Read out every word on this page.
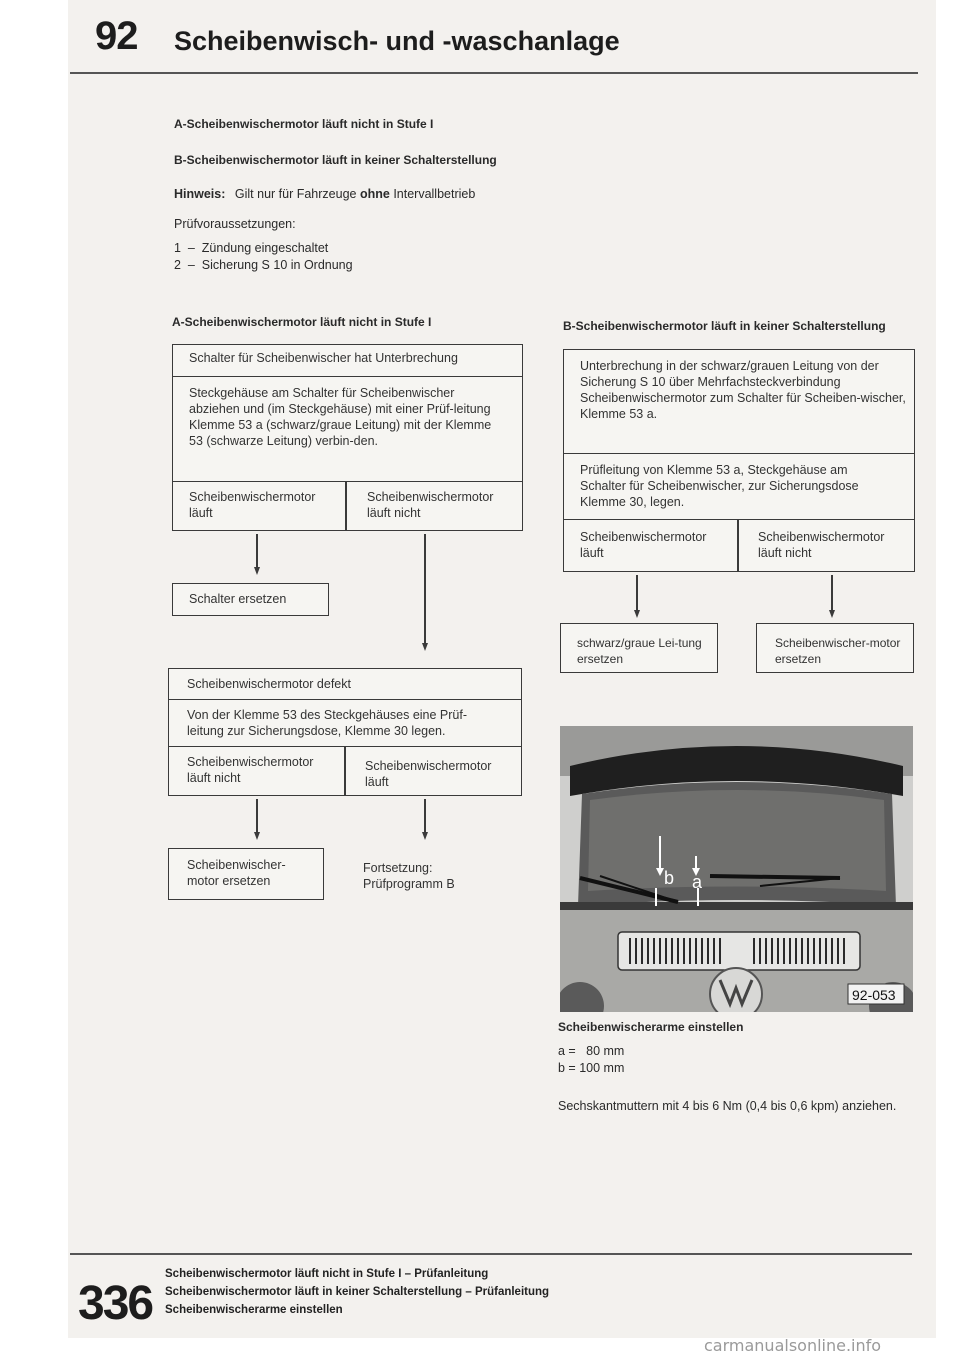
92 Scheibenwisch- und -waschanlage
A-Scheibenwischermotor läuft nicht in Stufe I
B-Scheibenwischermotor läuft in keiner Schalterstellung
Hinweis: Gilt nur für Fahrzeuge ohne Intervallbetrieb
Prüfvoraussetzungen:
1  –  Zündung eingeschaltet
2  –  Sicherung S 10 in Ordnung
A-Scheibenwischermotor läuft nicht in Stufe I
Schalter für Scheibenwischer hat Unterbrechung
Steckgehäuse am Schalter für Scheibenwischer abziehen und (im Steckgehäuse) mit einer Prüf-leitung Klemme 53 a (schwarz/graue Leitung) mit der Klemme 53 (schwarze Leitung) verbin-den.
Scheibenwischermotor läuft
Scheibenwischermotor läuft nicht
Schalter ersetzen
Scheibenwischermotor defekt
Von der Klemme 53 des Steckgehäuses eine Prüf-leitung zur Sicherungsdose, Klemme 30 legen.
Scheibenwischermotor läuft nicht
Scheibenwischermotor läuft
Scheibenwischer-motor ersetzen
Fortsetzung: Prüfprogramm B
B-Scheibenwischermotor läuft in keiner Schalterstellung
Unterbrechung in der schwarz/grauen Leitung von der Sicherung S 10 über Mehrfachsteckverbindung Scheibenwischermotor zum Schalter für Scheiben-wischer, Klemme 53 a.
Prüfleitung von Klemme 53 a, Steckgehäuse am Schalter für Scheibenwischer, zur Sicherungsdose Klemme 30, legen.
Scheibenwischermotor läuft
Scheibenwischermotor läuft nicht
schwarz/graue Lei-tung ersetzen
Scheibenwischer-motor ersetzen
b a
92-053
Scheibenwischerarme einstellen
a =   80 mm
b = 100 mm
Sechskantmuttern mit 4 bis 6 Nm (0,4 bis 0,6 kpm) anziehen.
336
Scheibenwischermotor läuft nicht in Stufe I – Prüfanleitung
Scheibenwischermotor läuft in keiner Schalterstellung – Prüfanleitung
Scheibenwischerarme einstellen
carmanualsonline.info
